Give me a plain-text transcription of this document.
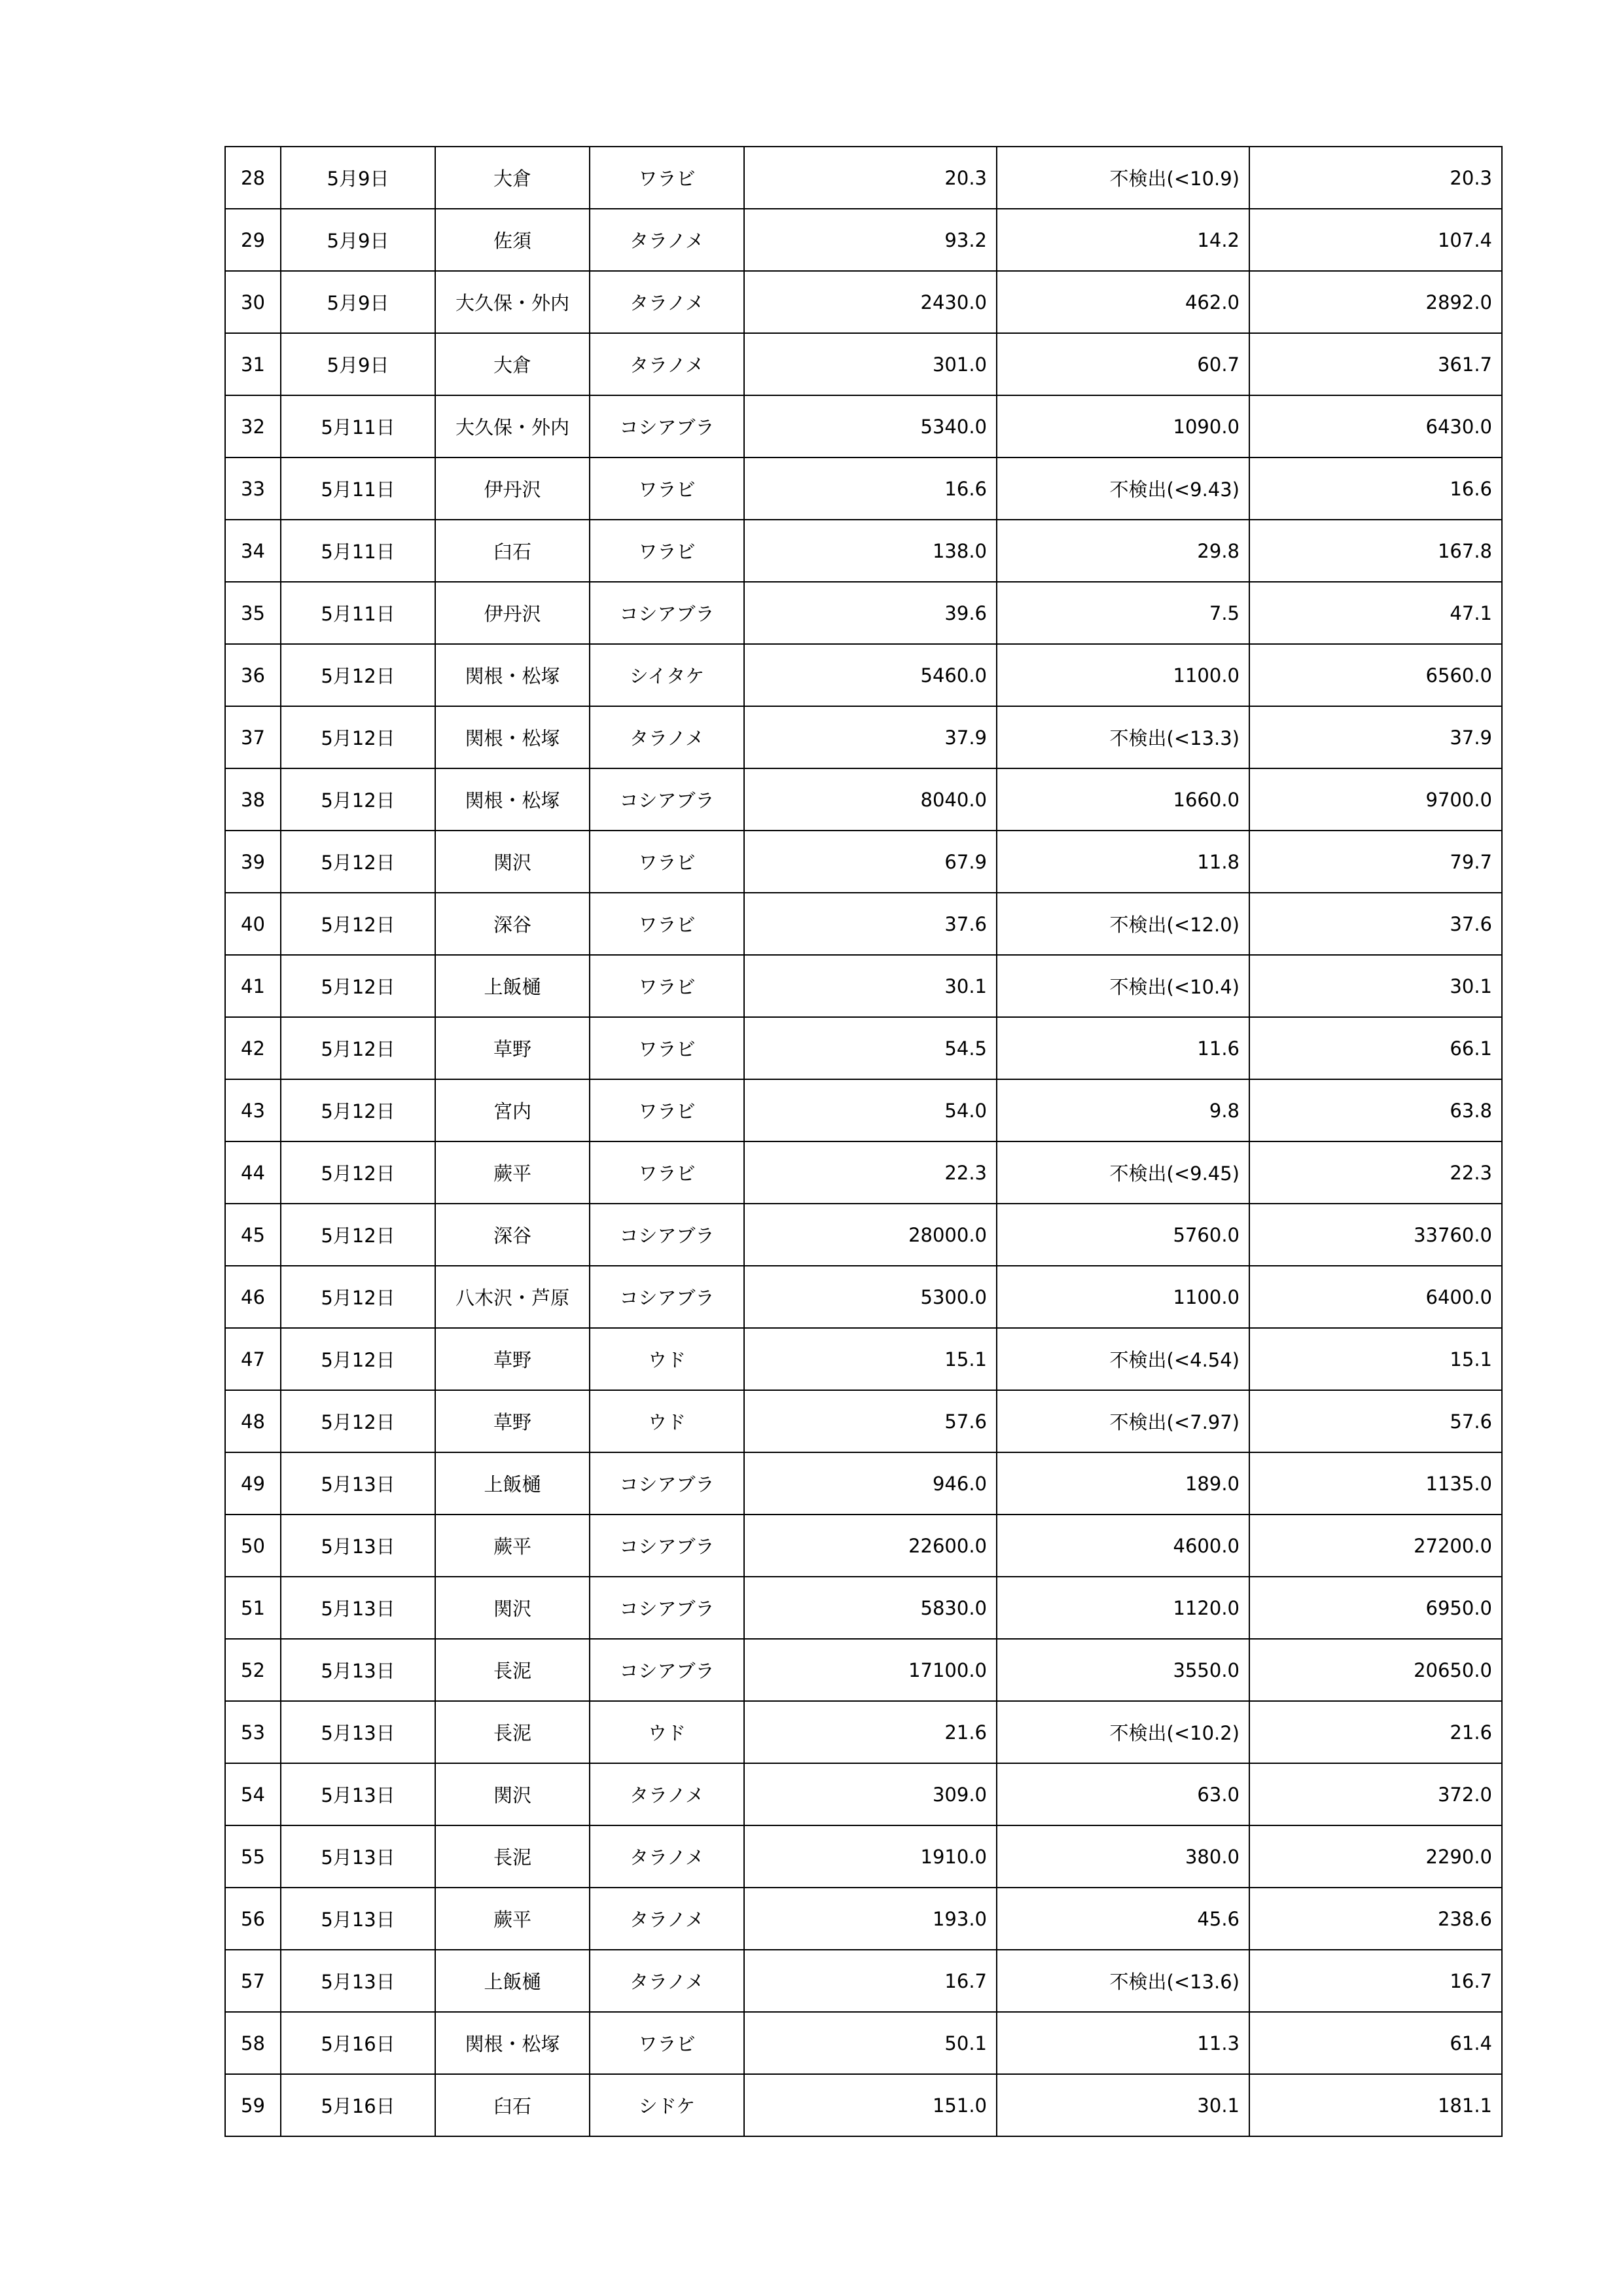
28	5月9日	大倉	ワラビ	20.3	不検出(<10.9)	20.3
29	5月9日	佐須	タラノメ	93.2	14.2	107.4
30	5月9日	大久保・外内	タラノメ	2430.0	462.0	2892.0
31	5月9日	大倉	タラノメ	301.0	60.7	361.7
32	5月11日	大久保・外内	コシアブラ	5340.0	1090.0	6430.0
33	5月11日	伊丹沢	ワラビ	16.6	不検出(<9.43)	16.6
34	5月11日	臼石	ワラビ	138.0	29.8	167.8
35	5月11日	伊丹沢	コシアブラ	39.6	7.5	47.1
36	5月12日	関根・松塚	シイタケ	5460.0	1100.0	6560.0
37	5月12日	関根・松塚	タラノメ	37.9	不検出(<13.3)	37.9
38	5月12日	関根・松塚	コシアブラ	8040.0	1660.0	9700.0
39	5月12日	関沢	ワラビ	67.9	11.8	79.7
40	5月12日	深谷	ワラビ	37.6	不検出(<12.0)	37.6
41	5月12日	上飯樋	ワラビ	30.1	不検出(<10.4)	30.1
42	5月12日	草野	ワラビ	54.5	11.6	66.1
43	5月12日	宮内	ワラビ	54.0	9.8	63.8
44	5月12日	蕨平	ワラビ	22.3	不検出(<9.45)	22.3
45	5月12日	深谷	コシアブラ	28000.0	5760.0	33760.0
46	5月12日	八木沢・芦原	コシアブラ	5300.0	1100.0	6400.0
47	5月12日	草野	ウド	15.1	不検出(<4.54)	15.1
48	5月12日	草野	ウド	57.6	不検出(<7.97)	57.6
49	5月13日	上飯樋	コシアブラ	946.0	189.0	1135.0
50	5月13日	蕨平	コシアブラ	22600.0	4600.0	27200.0
51	5月13日	関沢	コシアブラ	5830.0	1120.0	6950.0
52	5月13日	長泥	コシアブラ	17100.0	3550.0	20650.0
53	5月13日	長泥	ウド	21.6	不検出(<10.2)	21.6
54	5月13日	関沢	タラノメ	309.0	63.0	372.0
55	5月13日	長泥	タラノメ	1910.0	380.0	2290.0
56	5月13日	蕨平	タラノメ	193.0	45.6	238.6
57	5月13日	上飯樋	タラノメ	16.7	不検出(<13.6)	16.7
58	5月16日	関根・松塚	ワラビ	50.1	11.3	61.4
59	5月16日	臼石	シドケ	151.0	30.1	181.1
